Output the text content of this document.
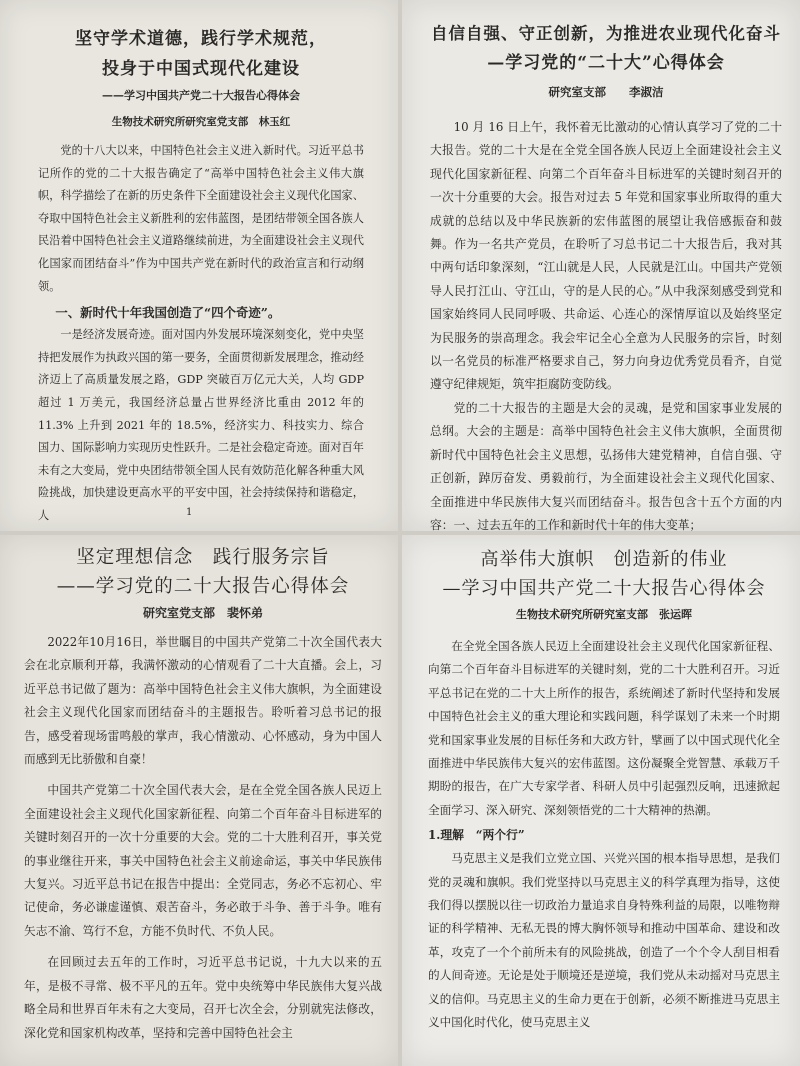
坚守学术道德，践行学术规范，
投身于中国式现代化建设
——学习中国共产党二十大报告心得体会
生物技术研究所研究室党支部　林玉红

党的十八大以来，中国特色社会主义进入新时代。习近平总书记所作的党的二十大报告确定了“高举中国特色社会主义伟大旗帜，科学描绘了在新的历史条件下全面建设社会主义现代化国家、夺取中国特色社会主义新胜利的宏伟蓝图，是团结带领全国各族人民沿着中国特色社会主义道路继续前进，为全面建设社会主义现代化国家而团结奋斗”作为中国共产党在新时代的政治宣言和行动纲领。

一、新时代十年我国创造了“四个奇迹”。

一是经济发展奇迹。面对国内外发展环境深刻变化，党中央坚持把发展作为执政兴国的第一要务，全面贯彻新发展理念，推动经济迈上了高质量发展之路，GDP 突破百万亿元大关，人均 GDP 超过 1 万美元，我国经济总量占世界经济比重由 2012 年的 11.3% 上升到 2021 年的 18.5%，经济实力、科技实力、综合国力、国际影响力实现历史性跃升。二是社会稳定奇迹。面对百年未有之大变局，党中央团结带领全国人民有效防范化解各种重大风险挑战，加快建设更高水平的平安中国，社会持续保持和谐稳定，人	1
自信自强、守正创新，为推进农业现代化奋斗
—学习党的“二十大”心得体会
研究室支部　　李淑洁

10 月 16 日上午，我怀着无比激动的心情认真学习了党的二十大报告。党的二十大是在全党全国各族人民迈上全面建设社会主义现代化国家新征程、向第二个百年奋斗目标进军的关键时刻召开的一次十分重要的大会。报告对过去 5 年党和国家事业所取得的重大成就的总结以及中华民族新的宏伟蓝图的展望让我倍感振奋和鼓舞。作为一名共产党员，在聆听了习总书记二十大报告后，我对其中两句话印象深刻，“江山就是人民，人民就是江山。中国共产党领导人民打江山、守江山，守的是人民的心。”从中我深刻感受到党和国家始终同人民同呼吸、共命运、心连心的深情厚谊以及始终坚定为民服务的崇高理念。我会牢记全心全意为人民服务的宗旨，时刻以一名党员的标准严格要求自己，努力向身边优秀党员看齐，自觉遵守纪律规矩，筑牢拒腐防变防线。

党的二十大报告的主题是大会的灵魂，是党和国家事业发展的总纲。大会的主题是：高举中国特色社会主义伟大旗帜，全面贯彻新时代中国特色社会主义思想，弘扬伟大建党精神，自信自强、守正创新，踔厉奋发、勇毅前行，为全面建设社会主义现代化国家、全面推进中华民族伟大复兴而团结奋斗。报告包含十五个方面的内容：一、过去五年的工作和新时代十年的伟大变革；

坚定理想信念　践行服务宗旨
——学习党的二十大报告心得体会
研究室党支部　裴怀弟

2022年10月16日，举世瞩目的中国共产党第二十次全国代表大会在北京顺利开幕，我满怀激动的心情观看了二十大直播。会上，习近平总书记做了题为：高举中国特色社会主义伟大旗帜，为全面建设社会主义现代化国家而团结奋斗的主题报告。聆听着习总书记的报告，感受着现场雷鸣般的掌声，我心情激动、心怀感动，身为中国人而感到无比骄傲和自豪！

中国共产党第二十次全国代表大会，是在全党全国各族人民迈上全面建设社会主义现代化国家新征程、向第二个百年奋斗目标进军的关键时刻召开的一次十分重要的大会。党的二十大胜利召开，事关党的事业继往开来，事关中国特色社会主义前途命运，事关中华民族伟大复兴。习近平总书记在报告中提出：全党同志，务必不忘初心、牢记使命，务必谦虚谨慎、艰苦奋斗，务必敢于斗争、善于斗争。唯有矢志不渝、笃行不怠，方能不负时代、不负人民。

在回顾过去五年的工作时，习近平总书记说，十九大以来的五年，是极不寻常、极不平凡的五年。党中央统筹中华民族伟大复兴战略全局和世界百年未有之大变局，召开七次全会，分别就宪法修改，深化党和国家机构改革，坚持和完善中国特色社会主

高举伟大旗帜　创造新的伟业
—学习中国共产党二十大报告心得体会
生物技术研究所研究室支部　张运晖

在全党全国各族人民迈上全面建设社会主义现代化国家新征程、向第二个百年奋斗目标进军的关键时刻，党的二十大胜利召开。习近平总书记在党的二十大上所作的报告，系统阐述了新时代坚持和发展中国特色社会主义的重大理论和实践问题，科学谋划了未来一个时期党和国家事业发展的目标任务和大政方针，擘画了以中国式现代化全面推进中华民族伟大复兴的宏伟蓝图。这份凝聚全党智慧、承载万千期盼的报告，在广大专家学者、科研人员中引起强烈反响，迅速掀起全面学习、深入研究、深刻领悟党的二十大精神的热潮。

1.理解　“两个行”

马克思主义是我们立党立国、兴党兴国的根本指导思想，是我们党的灵魂和旗帜。我们党坚持以马克思主义的科学真理为指导，这使我们得以摆脱以往一切政治力量追求自身特殊利益的局限，以唯物辩证的科学精神、无私无畏的博大胸怀领导和推动中国革命、建设和改革，攻克了一个个前所未有的风险挑战，创造了一个个令人刮目相看的人间奇迹。无论是处于顺境还是逆境，我们党从未动摇对马克思主义的信仰。马克思主义的生命力更在于创新，必须不断推进马克思主义中国化时代化，使马克思主义
